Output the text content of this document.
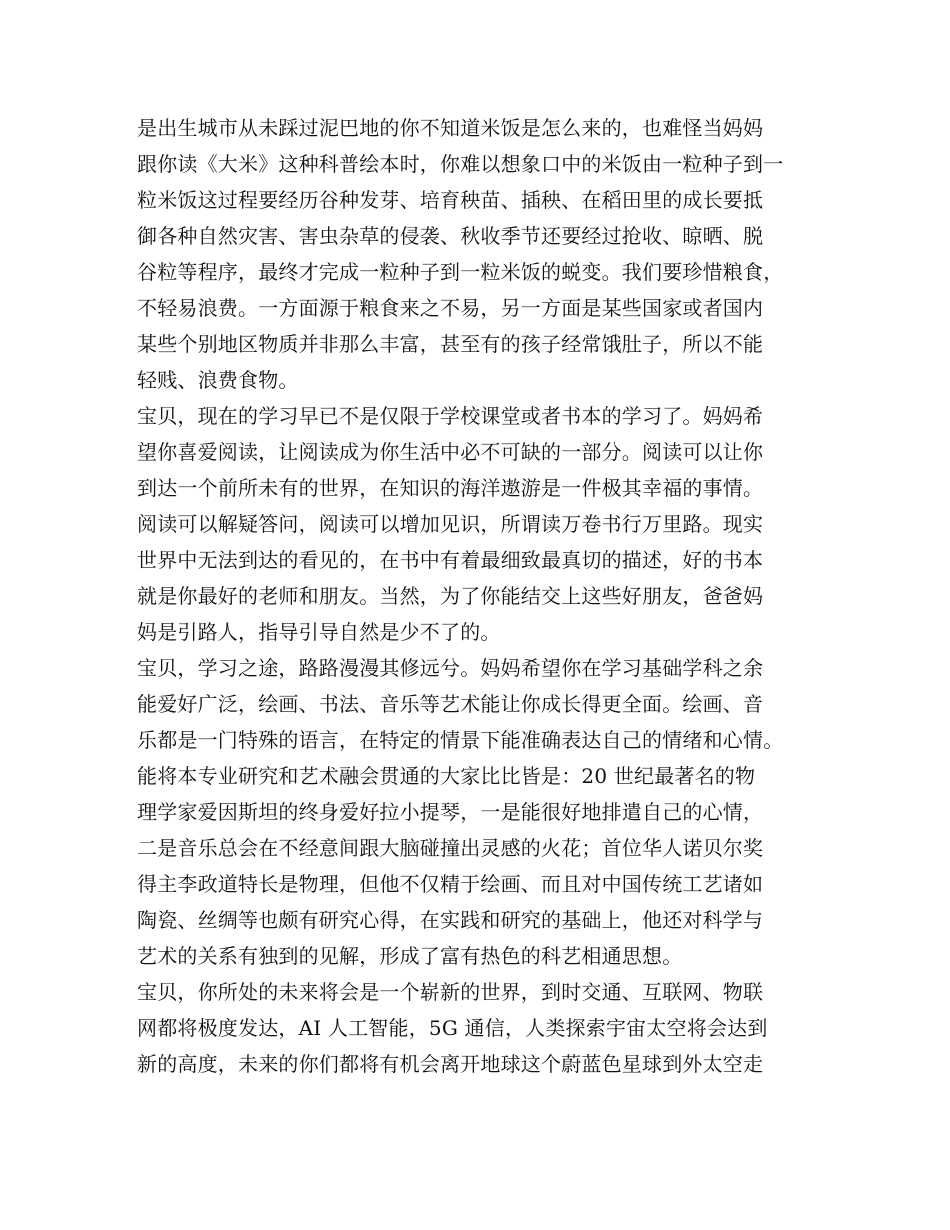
是出生城市从未踩过泥巴地的你不知道米饭是怎么来的，也难怪当妈妈
跟你读《大米》这种科普绘本时，你难以想象口中的米饭由一粒种子到一
粒米饭这过程要经历谷种发芽、培育秧苗、插秧、在稻田里的成长要抵
御各种自然灾害、害虫杂草的侵袭、秋收季节还要经过抢收、晾晒、脱
谷粒等程序，最终才完成一粒种子到一粒米饭的蜕变。我们要珍惜粮食，
不轻易浪费。一方面源于粮食来之不易，另一方面是某些国家或者国内
某些个别地区物质并非那么丰富，甚至有的孩子经常饿肚子，所以不能
轻贱、浪费食物。
宝贝，现在的学习早已不是仅限于学校课堂或者书本的学习了。妈妈希
望你喜爱阅读，让阅读成为你生活中必不可缺的一部分。阅读可以让你
到达一个前所未有的世界，在知识的海洋遨游是一件极其幸福的事情。
阅读可以解疑答问，阅读可以增加见识，所谓读万卷书行万里路。现实
世界中无法到达的看见的，在书中有着最细致最真切的描述，好的书本
就是你最好的老师和朋友。当然，为了你能结交上这些好朋友，爸爸妈
妈是引路人，指导引导自然是少不了的。
宝贝，学习之途，路路漫漫其修远兮。妈妈希望你在学习基础学科之余
能爱好广泛，绘画、书法、音乐等艺术能让你成长得更全面。绘画、音
乐都是一门特殊的语言，在特定的情景下能准确表达自己的情绪和心情。
能将本专业研究和艺术融会贯通的大家比比皆是：20 世纪最著名的物
理学家爱因斯坦的终身爱好拉小提琴，一是能很好地排遣自己的心情，
二是音乐总会在不经意间跟大脑碰撞出灵感的火花；首位华人诺贝尔奖
得主李政道特长是物理，但他不仅精于绘画、而且对中国传统工艺诸如
陶瓷、丝绸等也颇有研究心得，在实践和研究的基础上，他还对科学与
艺术的关系有独到的见解，形成了富有热色的科艺相通思想。
宝贝，你所处的未来将会是一个崭新的世界，到时交通、互联网、物联
网都将极度发达，AI 人工智能，5G 通信，人类探索宇宙太空将会达到
新的高度，未来的你们都将有机会离开地球这个蔚蓝色星球到外太空走
